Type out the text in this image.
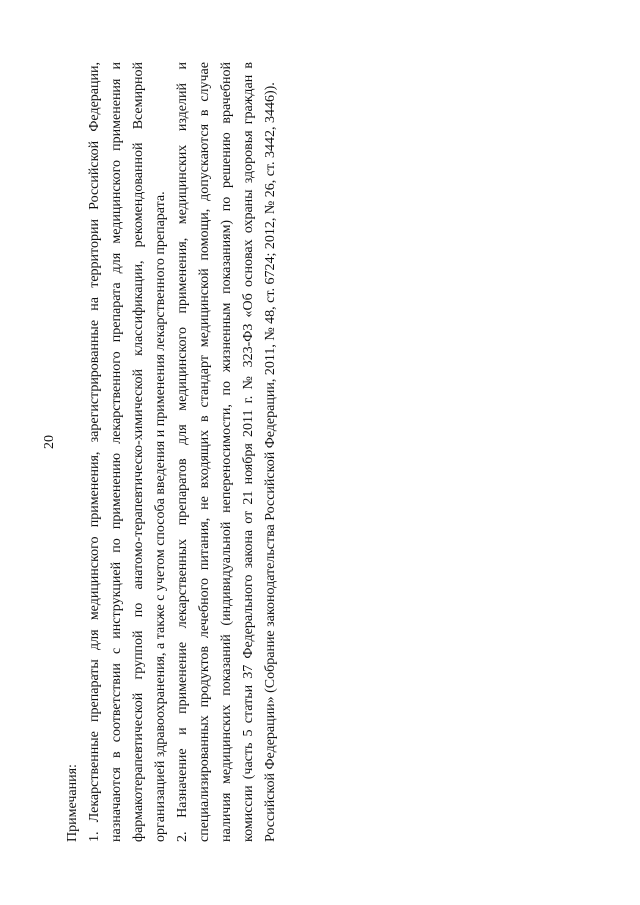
20
Примечания: 1. Лекарственные препараты для медицинского применения, зарегистрированные на территории Российской Федерации, назначаются в соответствии с инструкцией по применению лекарственного препарата для медицинского применения и фармакотерапевтической группой по анатомо-терапевтическо-химической классификации, рекомендованной Всемирной организацией здравоохранения, а также с учетом способа введения и применения лекарственного препарата. 2. Назначение и применение лекарственных препаратов для медицинского применения, медицинских изделий и специализированных продуктов лечебного питания, не входящих в стандарт медицинской помощи, допускаются в случае наличия медицинских показаний (индивидуальной непереносимости, по жизненным показаниям) по решению врачебной комиссии (часть 5 статьи 37 Федерального закона от 21 ноября 2011 г. № 323-ФЗ «Об основах охраны здоровья граждан в Российской Федерации» (Собрание законодательства Российской Федерации, 2011, № 48, ст. 6724; 2012, № 26, ст. 3442, 3446)).
